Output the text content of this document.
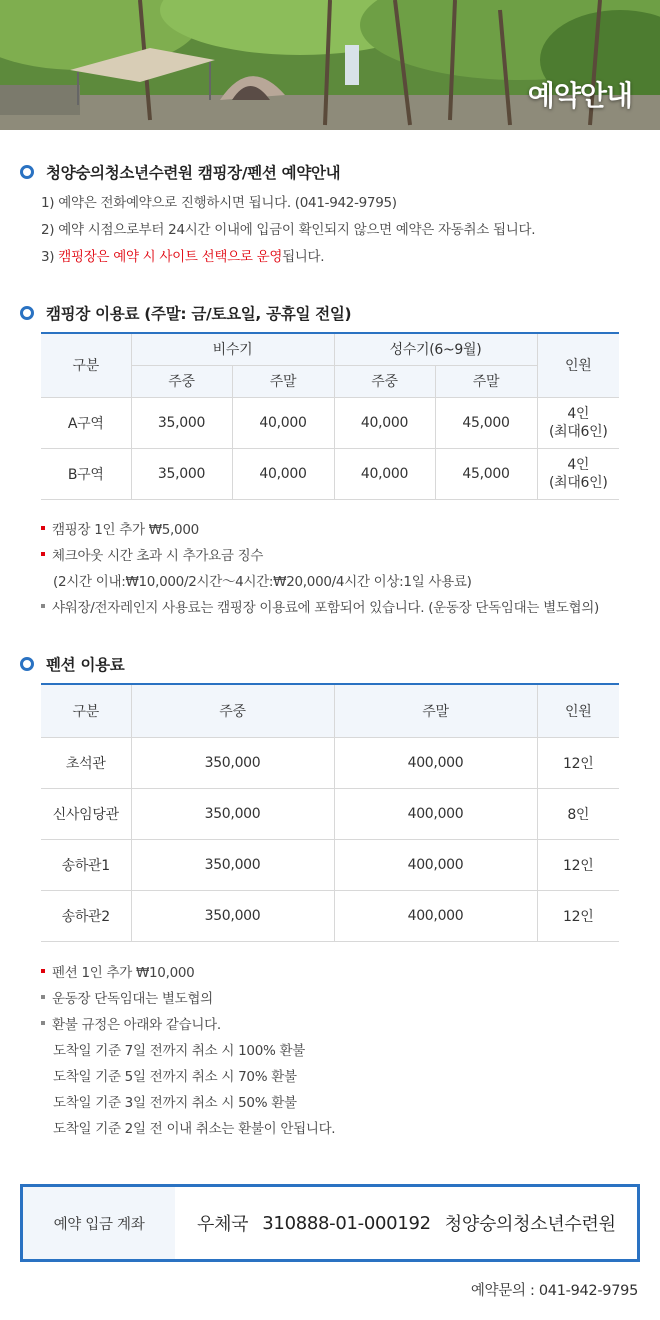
예약안내
청양숭의청소년수련원 캠핑장/펜션 예약안내
1) 예약은 전화예약으로 진행하시면 됩니다. (041-942-9795)
2) 예약 시점으로부터 24시간 이내에 입금이 확인되지 않으면 예약은 자동취소 됩니다.
3) 캠핑장은 예약 시 사이트 선택으로 운영됩니다.
캠핑장 이용료 (주말: 금/토요일, 공휴일 전일)
구분	비수기		성수기(6~9월)		인원
	주중	주말	주중	주말	
A구역	35,000	40,000	40,000	45,000	4인
(최대6인)

B구역	35,000	40,000	40,000	45,000	4인
(최대6인)
캠핑장 1인 추가 ₩5,000
체크아웃 시간 초과 시 추가요금 징수
(2시간 이내:₩10,000/2시간～4시간:₩20,000/4시간 이상:1일 사용료)
샤워장/전자레인지 사용료는 캠핑장 이용료에 포함되어 있습니다. (운동장 단독임대는 별도협의)
펜션 이용료
구분	주중	주말	인원
초석관	350,000	400,000	12인
신사임당관	350,000	400,000	8인
송하관1	350,000	400,000	12인
송하관2	350,000	400,000	12인
펜션 1인 추가 ₩10,000
운동장 단독임대는 별도협의
환불 규정은 아래와 같습니다.
도착일 기준 7일 전까지 취소 시 100% 환불
도착일 기준 5일 전까지 취소 시 70% 환불
도착일 기준 3일 전까지 취소 시 50% 환불
도착일 기준 2일 전 이내 취소는 환불이 안됩니다.
예약 입금 계좌	우체국 310888-01-000192 청양숭의청소년수련원
예약문의 : 041-942-9795
